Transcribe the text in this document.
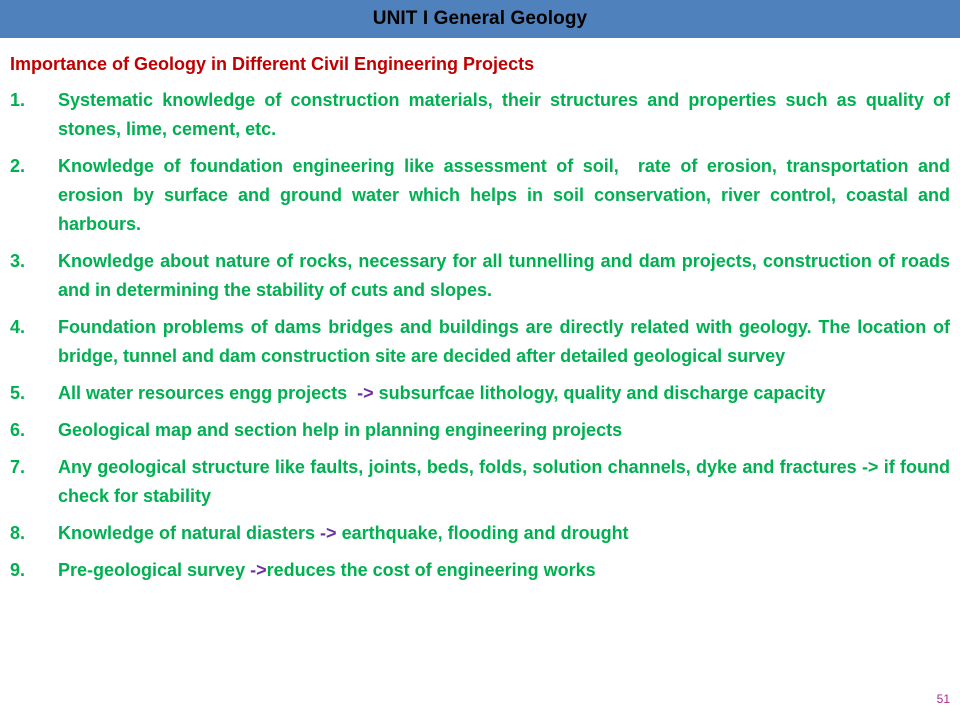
UNIT I General Geology
Importance of Geology in Different Civil Engineering Projects
1. Systematic knowledge of construction materials, their structures and properties such as quality of stones, lime, cement, etc.
2. Knowledge of foundation engineering like assessment of soil,  rate of erosion, transportation and erosion by surface and ground water which helps in soil conservation, river control, coastal and harbours.
3. Knowledge about nature of rocks, necessary for all tunnelling and dam projects, construction of roads and in determining the stability of cuts and slopes.
4. Foundation problems of dams bridges and buildings are directly related with geology. The location of bridge, tunnel and dam construction site are decided after detailed geological survey
5. All water resources engg projects  -> subsurfcae lithology, quality and discharge capacity
6. Geological map and section help in planning engineering projects
7. Any geological structure like faults, joints, beds, folds, solution channels, dyke and fractures -> if found check for stability
8. Knowledge of natural diasters -> earthquake, flooding and drought
9. Pre-geological survey ->reduces the cost of engineering works
51
